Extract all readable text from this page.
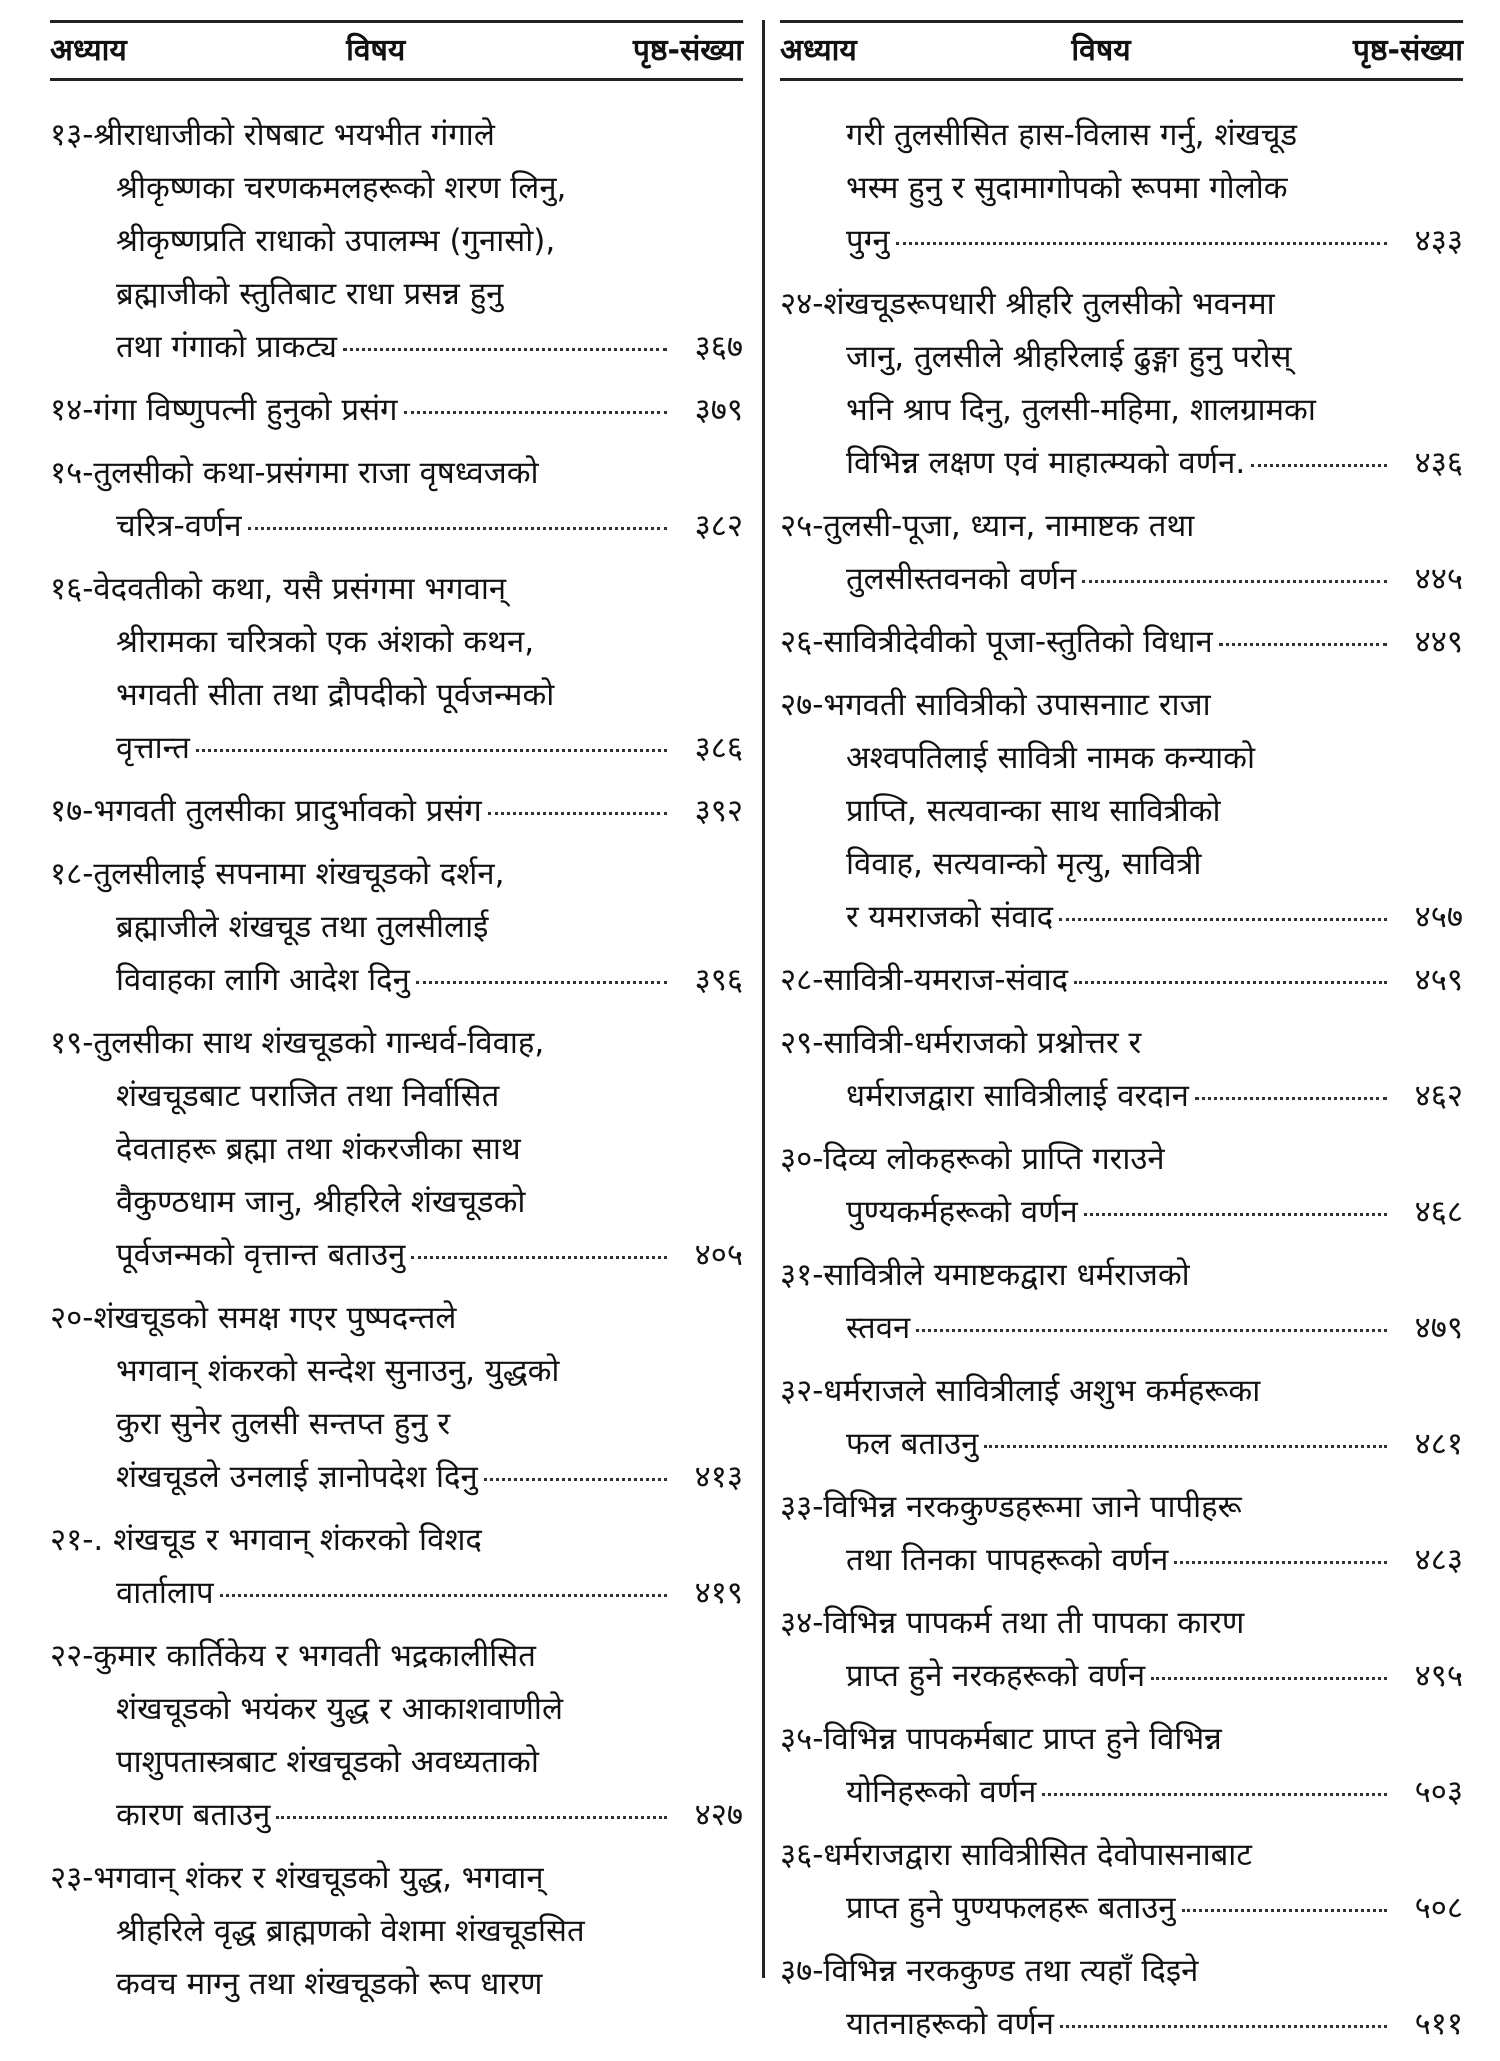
अध्याय	विषय	पृष्ठ-संख्या
१३-श्रीराधाजीको रोषबाट भयभीत गंगाले
श्रीकृष्णका चरणकमलहरूको शरण लिनु,
श्रीकृष्णप्रति राधाको उपालम्भ (गुनासो),
ब्रह्माजीको स्तुतिबाट राधा प्रसन्न हुनु
तथा गंगाको प्राकट्य	३६७
१४-गंगा विष्णुपत्नी हुनुको प्रसंग	३७९
१५-तुलसीको कथा-प्रसंगमा राजा वृषध्वजको
चरित्र-वर्णन	३८२
१६-वेदवतीको कथा, यसै प्रसंगमा भगवान्
श्रीरामका चरित्रको एक अंशको कथन,
भगवती सीता तथा द्रौपदीको पूर्वजन्मको
वृत्तान्त	३८६
१७-भगवती तुलसीका प्रादुर्भावको प्रसंग	३९२
१८-तुलसीलाई सपनामा शंखचूडको दर्शन,
ब्रह्माजीले शंखचूड तथा तुलसीलाई
विवाहका लागि आदेश दिनु	३९६
१९-तुलसीका साथ शंखचूडको गान्धर्व-विवाह,
शंखचूडबाट पराजित तथा निर्वासित
देवताहरू ब्रह्मा तथा शंकरजीका साथ
वैकुण्ठधाम जानु, श्रीहरिले शंखचूडको
पूर्वजन्मको वृत्तान्त बताउनु	४०५
२०-शंखचूडको समक्ष गएर पुष्पदन्तले
भगवान् शंकरको सन्देश सुनाउनु, युद्धको
कुरा सुनेर तुलसी सन्तप्त हुनु र
शंखचूडले उनलाई ज्ञानोपदेश दिनु	४१३
२१-. शंखचूड र भगवान् शंकरको विशद
वार्तालाप	४१९
२२-कुमार कार्तिकेय र भगवती भद्रकालीसित
शंखचूडको भयंकर युद्ध र आकाशवाणीले
पाशुपतास्त्रबाट शंखचूडको अवध्यताको
कारण बताउनु	४२७
२३-भगवान् शंकर र शंखचूडको युद्ध, भगवान्
श्रीहरिले वृद्ध ब्राह्मणको वेशमा शंखचूडसित
कवच माग्नु तथा शंखचूडको रूप धारण
अध्याय	विषय	पृष्ठ-संख्या
गरी तुलसीसित हास-विलास गर्नु, शंखचूड
भस्म हुनु र सुदामागोपको रूपमा गोलोक
पुग्नु	४३३
२४-शंखचूडरूपधारी श्रीहरि तुलसीको भवनमा
जानु, तुलसीले श्रीहरिलाई ढुङ्गा हुनु परोस्
भनि श्राप दिनु, तुलसी-महिमा, शालग्रामका
विभिन्न लक्षण एवं माहात्म्यको वर्णन.	४३६
२५-तुलसी-पूजा, ध्यान, नामाष्टक तथा
तुलसीस्तवनको वर्णन	४४५
२६-सावित्रीदेवीको पूजा-स्तुतिको विधान	४४९
२७-भगवती सावित्रीको उपासनााट राजा
अश्वपतिलाई सावित्री नामक कन्याको
प्राप्ति, सत्यवान्का साथ सावित्रीको
विवाह, सत्यवान्को मृत्यु, सावित्री
र यमराजको संवाद	४५७
२८-सावित्री-यमराज-संवाद	४५९
२९-सावित्री-धर्मराजको प्रश्नोत्तर र
धर्मराजद्वारा सावित्रीलाई वरदान	४६२
३०-दिव्य लोकहरूको प्राप्ति गराउने
पुण्यकर्महरूको वर्णन	४६८
३१-सावित्रीले यमाष्टकद्वारा धर्मराजको
स्तवन	४७९
३२-धर्मराजले सावित्रीलाई अशुभ कर्महरूका
फल बताउनु	४८१
३३-विभिन्न नरककुण्डहरूमा जाने पापीहरू
तथा तिनका पापहरूको वर्णन	४८३
३४-विभिन्न पापकर्म तथा ती पापका कारण
प्राप्त हुने नरकहरूको वर्णन	४९५
३५-विभिन्न पापकर्मबाट प्राप्त हुने विभिन्न
योनिहरूको वर्णन	५०३
३६-धर्मराजद्वारा सावित्रीसित देवोपासनाबाट
प्राप्त हुने पुण्यफलहरू बताउनु	५०८
३७-विभिन्न नरककुण्ड तथा त्यहाँ दिइने
यातनाहरूको वर्णन	५११
